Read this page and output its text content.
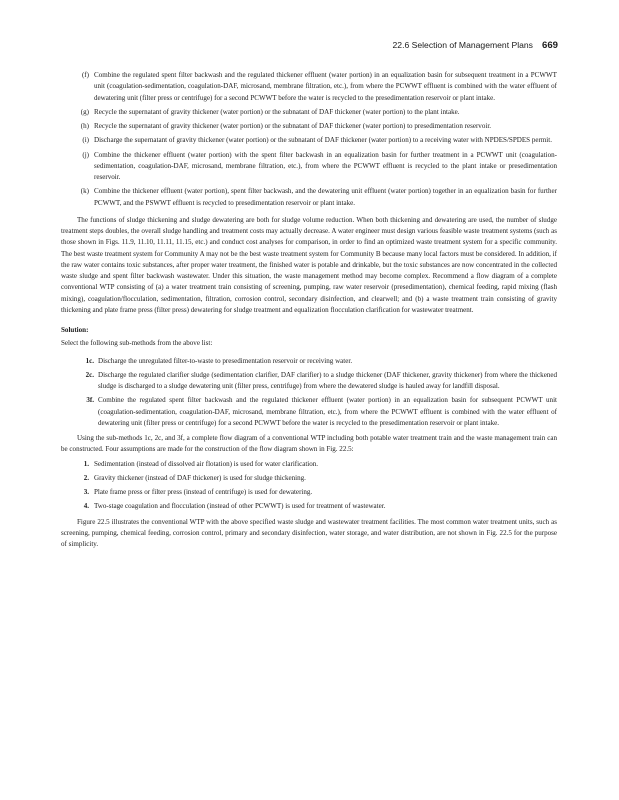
22.6 Selection of Management Plans 669
(f) Combine the regulated spent filter backwash and the regulated thickener effluent (water portion) in an equalization basin for subsequent treatment in a PCWWT unit (coagulation-sedimentation, coagulation-DAF, microsand, membrane filtration, etc.), from where the PCWWT effluent is combined with the water effluent of dewatering unit (filter press or centrifuge) for a second PCWWT before the water is recycled to the presedimentation reservoir or plant intake.
(g) Recycle the supernatant of gravity thickener (water portion) or the subnatant of DAF thickener (water portion) to the plant intake.
(h) Recycle the supernatant of gravity thickener (water portion) or the subnatant of DAF thickener (water portion) to presedimentation reservoir.
(i) Discharge the supernatant of gravity thickener (water portion) or the subnatant of DAF thickener (water portion) to a receiving water with NPDES/SPDES permit.
(j) Combine the thickener effluent (water portion) with the spent filter backwash in an equalization basin for further treatment in a PCWWT unit (coagulation-sedimentation, coagulation-DAF, microsand, membrane filtration, etc.), from where the PCWWT effluent is recycled to the plant intake or presedimentation reservoir.
(k) Combine the thickener effluent (water portion), spent filter backwash, and the dewatering unit effluent (water portion) together in an equalization basin for further PCWWT, and the PSWWT effluent is recycled to presedimentation reservoir or plant intake.

The functions of sludge thickening and sludge dewatering are both for sludge volume reduction. When both thickening and dewatering are used, the number of sludge treatment steps doubles, the overall sludge handling and treatment costs may actually decrease. A water engineer must design various feasible waste treatment systems (such as those shown in Figs. 11.9, 11.10, 11.11, 11.15, etc.) and conduct cost analyses for comparison, in order to find an optimized waste treatment system for a specific community. The best waste treatment system for Community A may not be the best waste treatment system for Community B because many local factors must be considered. In addition, if the raw water contains toxic substances, after proper water treatment, the finished water is potable and drinkable, but the toxic substances are now concentrated in the collected waste sludge and spent filter backwash wastewater. Under this situation, the waste management method may become complex. Recommend a flow diagram of a complete conventional WTP consisting of (a) a water treatment train consisting of screening, pumping, raw water reservoir (presedimentation), chemical feeding, rapid mixing (flash mixing), coagulation/flocculation, sedimentation, filtration, corrosion control, secondary disinfection, and clearwell; and (b) a waste treatment train consisting of gravity thickening and plate frame press (filter press) dewatering for sludge treatment and equalization flocculation clarification for wastewater treatment.

Solution:

Select the following sub-methods from the above list:

1c. Discharge the unregulated filter-to-waste to presedimentation reservoir or receiving water.
2c. Discharge the regulated clarifier sludge (sedimentation clarifier, DAF clarifier) to a sludge thickener (DAF thickener, gravity thickener) from where the thickened sludge is discharged to a sludge dewatering unit (filter press, centrifuge) from where the dewatered sludge is hauled away for landfill disposal.
3f. Combine the regulated spent filter backwash and the regulated thickener effluent (water portion) in an equalization basin for subsequent PCWWT unit (coagulation-sedimentation, coagulation-DAF, microsand, membrane filtration, etc.), from where the PCWWT effluent is combined with the water effluent of dewatering unit (filter press or centrifuge) for a second PCWWT before the water is recycled to the presedimentation reservoir or plant intake.

Using the sub-methods 1c, 2c, and 3f, a complete flow diagram of a conventional WTP including both potable water treatment train and the waste management train can be constructed. Four assumptions are made for the construction of the flow diagram shown in Fig. 22.5:

1. Sedimentation (instead of dissolved air flotation) is used for water clarification.
2. Gravity thickener (instead of DAF thickener) is used for sludge thickening.
3. Plate frame press or filter press (instead of centrifuge) is used for dewatering.
4. Two-stage coagulation and flocculation (instead of other PCWWT) is used for treatment of wastewater.

Figure 22.5 illustrates the conventional WTP with the above specified waste sludge and wastewater treatment facilities. The most common water treatment units, such as screening, pumping, chemical feeding, corrosion control, primary and secondary disinfection, water storage, and water distribution, are not shown in Fig. 22.5 for the purpose of simplicity.
